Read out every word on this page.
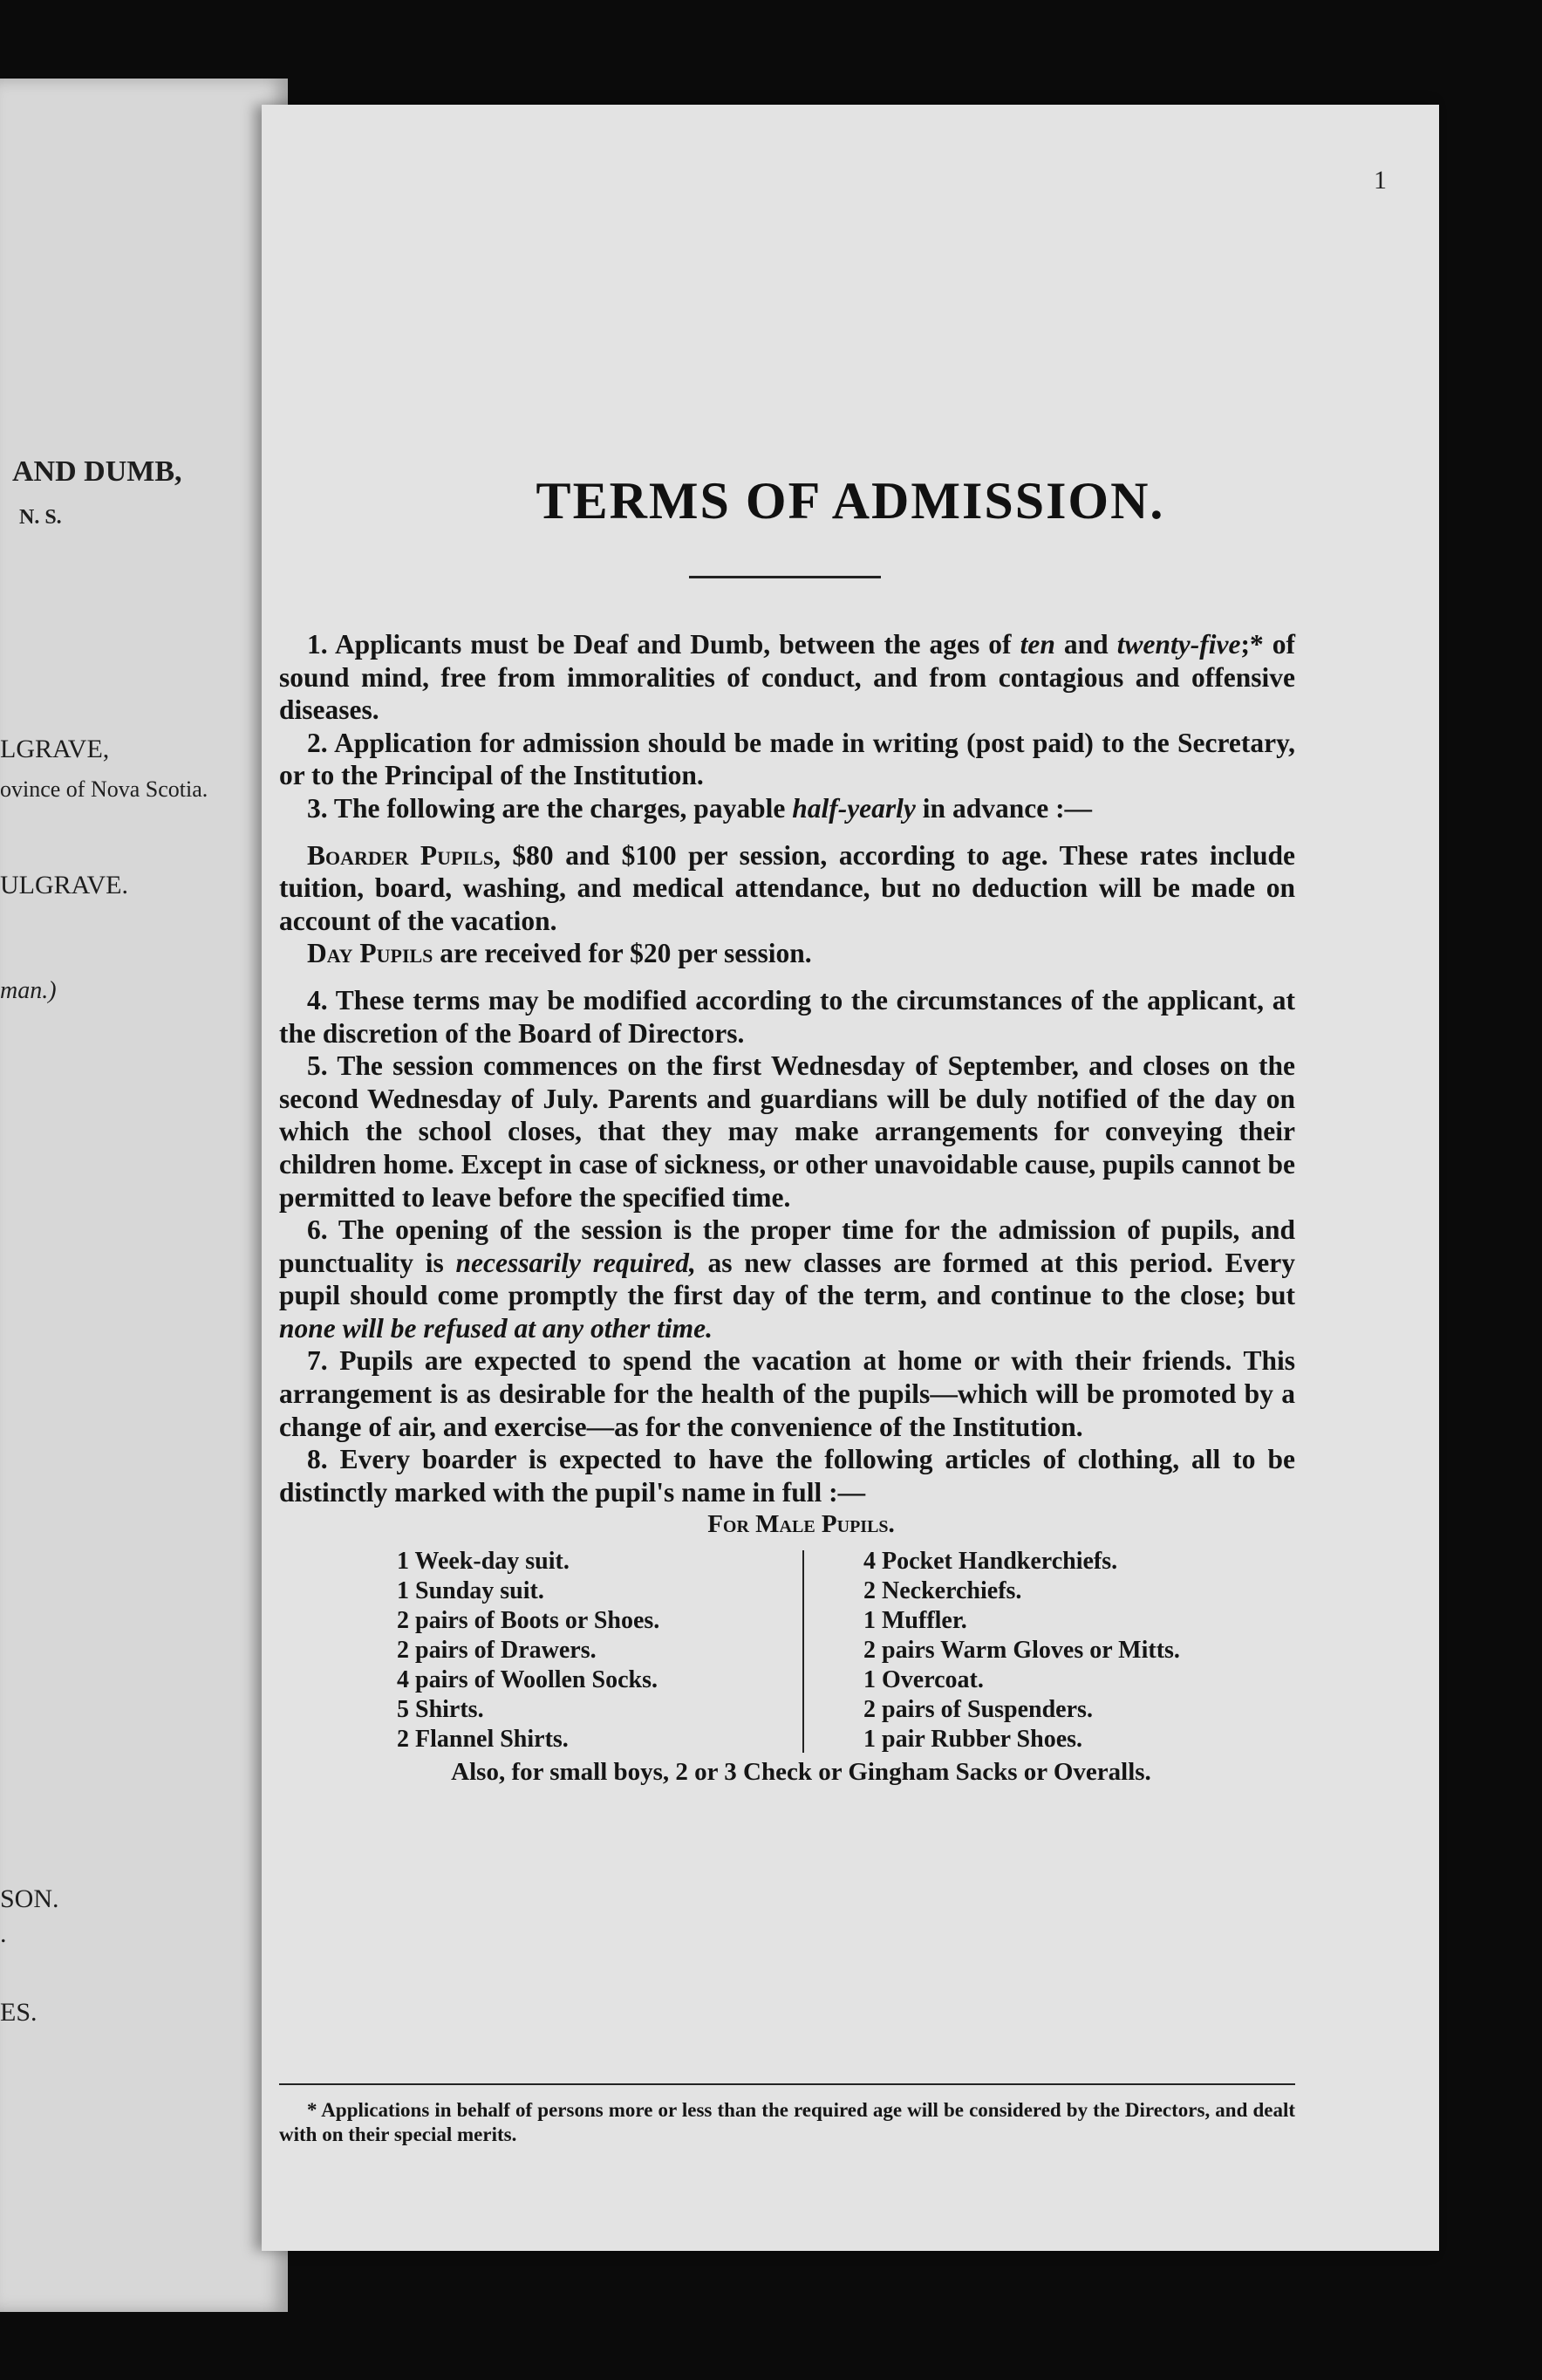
AND DUMB,
N. S.
LGRAVE,
ovince of Nova Scotia.
ULGRAVE.
man.)
SON.
.
ES.
1
TERMS OF ADMISSION.

1. Applicants must be Deaf and Dumb, between the ages of ten and twenty-five;* of sound mind, free from immoralities of conduct, and from contagious and offensive diseases.

2. Application for admission should be made in writing (post paid) to the Secretary, or to the Principal of the Institution.

3. The following are the charges, payable half-yearly in advance :—

Boarder Pupils, $80 and $100 per session, according to age. These rates include tuition, board, washing, and medical attendance, but no deduction will be made on account of the vacation.

Day Pupils are received for $20 per session.

4. These terms may be modified according to the circumstances of the applicant, at the discretion of the Board of Directors.

5. The session commences on the first Wednesday of September, and closes on the second Wednesday of July. Parents and guardians will be duly notified of the day on which the school closes, that they may make arrangements for conveying their children home. Except in case of sickness, or other unavoidable cause, pupils cannot be permitted to leave before the specified time.

6. The opening of the session is the proper time for the admission of pupils, and punctuality is necessarily required, as new classes are formed at this period. Every pupil should come promptly the first day of the term, and continue to the close; but none will be refused at any other time.

7. Pupils are expected to spend the vacation at home or with their friends. This arrangement is as desirable for the health of the pupils—which will be promoted by a change of air, and exercise—as for the convenience of the Institution.

8. Every boarder is expected to have the following articles of clothing, all to be distinctly marked with the pupil's name in full :—

For Male Pupils.

1 Week-day suit.
1 Sunday suit.
2 pairs of Boots or Shoes.
2 pairs of Drawers.
4 pairs of Woollen Socks.
5 Shirts.
2 Flannel Shirts.
4 Pocket Handkerchiefs.
2 Neckerchiefs.
1 Muffler.
2 pairs Warm Gloves or Mitts.
1 Overcoat.
2 pairs of Suspenders.
1 pair Rubber Shoes.

Also, for small boys, 2 or 3 Check or Gingham Sacks or Overalls.

* Applications in behalf of persons more or less than the required age will be considered by the Directors, and dealt with on their special merits.
